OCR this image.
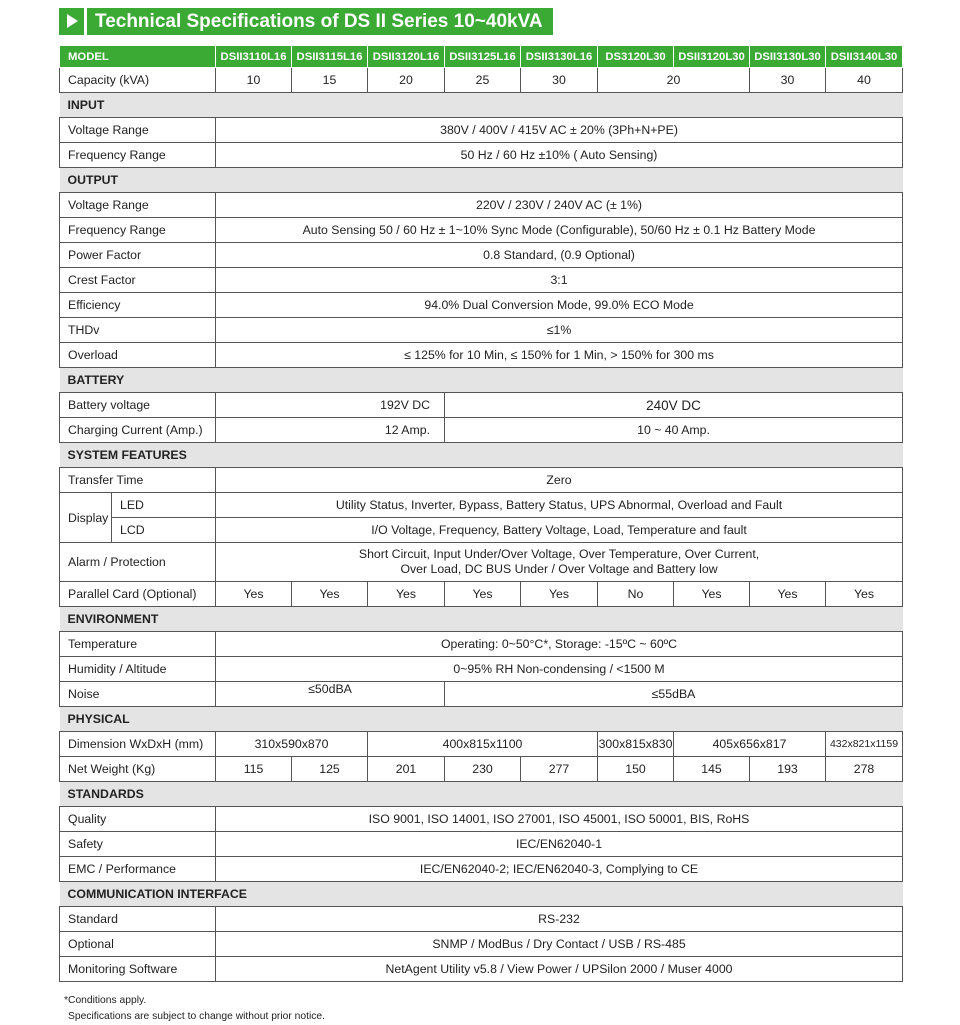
Technical Specifications of DS II Series 10~40kVA
MODEL		DSII3110L16	DSII3115L16	DSII3120L16	DSII3125L16	DSII3130L16	DS3120L30	DSII3120L30	DSII3130L30	DSII3140L30
Capacity (kVA)		10	15	20	25	30	20		30	40
INPUT										
Voltage Range		380V / 400V / 415V AC ± 20% (3Ph+N+PE)								
Frequency Range		50 Hz / 60 Hz ±10% ( Auto Sensing)								
OUTPUT										
Voltage Range		220V / 230V / 240V AC (± 1%)								
Frequency Range		Auto Sensing 50 / 60 Hz ± 1~10% Sync Mode (Configurable), 50/60 Hz ± 0.1 Hz Battery Mode								
Power Factor		0.8 Standard, (0.9 Optional)								
Crest Factor		3:1								
Efficiency		94.0% Dual Conversion Mode, 99.0% ECO Mode								
THDv		≤1%								
Overload		≤ 125% for 10 Min, ≤ 150% for 1 Min, > 150% for 300 ms								
BATTERY										
Battery voltage		192V DC			240V DC					
Charging Current (Amp.)		12 Amp.			10 ~ 40 Amp.					
SYSTEM FEATURES										
Transfer Time		Zero								
Display	LED	Utility Status, Inverter, Bypass, Battery Status, UPS Abnormal, Overload and Fault								
	LCD	I/O Voltage, Frequency, Battery Voltage, Load, Temperature and fault								
Alarm / Protection		Short Circuit, Input Under/Over Voltage, Over Temperature, Over Current,
Over Load, DC BUS Under / Over Voltage and Battery low								

Parallel Card (Optional)		Yes	Yes	Yes	Yes	Yes	No	Yes	Yes	Yes
ENVIRONMENT										
Temperature		Operating: 0~50°C*, Storage: -15ºC ~ 60ºC								
Humidity / Altitude		0~95% RH Non-condensing / <1500 M								
Noise		≤50dBA			≤55dBA					
PHYSICAL										
Dimension WxDxH (mm)		310x590x870		400x815x1100			300x815x830	405x656x817		432x821x1159
Net Weight (Kg)		115	125	201	230	277	150	145	193	278
STANDARDS										
Quality		ISO 9001, ISO 14001, ISO 27001, ISO 45001, ISO 50001, BIS, RoHS								
Safety		IEC/EN62040-1								
EMC / Performance		IEC/EN62040-2; IEC/EN62040-3, Complying to CE								
COMMUNICATION INTERFACE										
Standard		RS-232								
Optional		SNMP / ModBus / Dry Contact / USB / RS-485								
Monitoring Software		NetAgent Utility v5.8 / View Power / UPSilon 2000 / Muser 4000								
*Conditions apply.
Specifications are subject to change without prior notice.
